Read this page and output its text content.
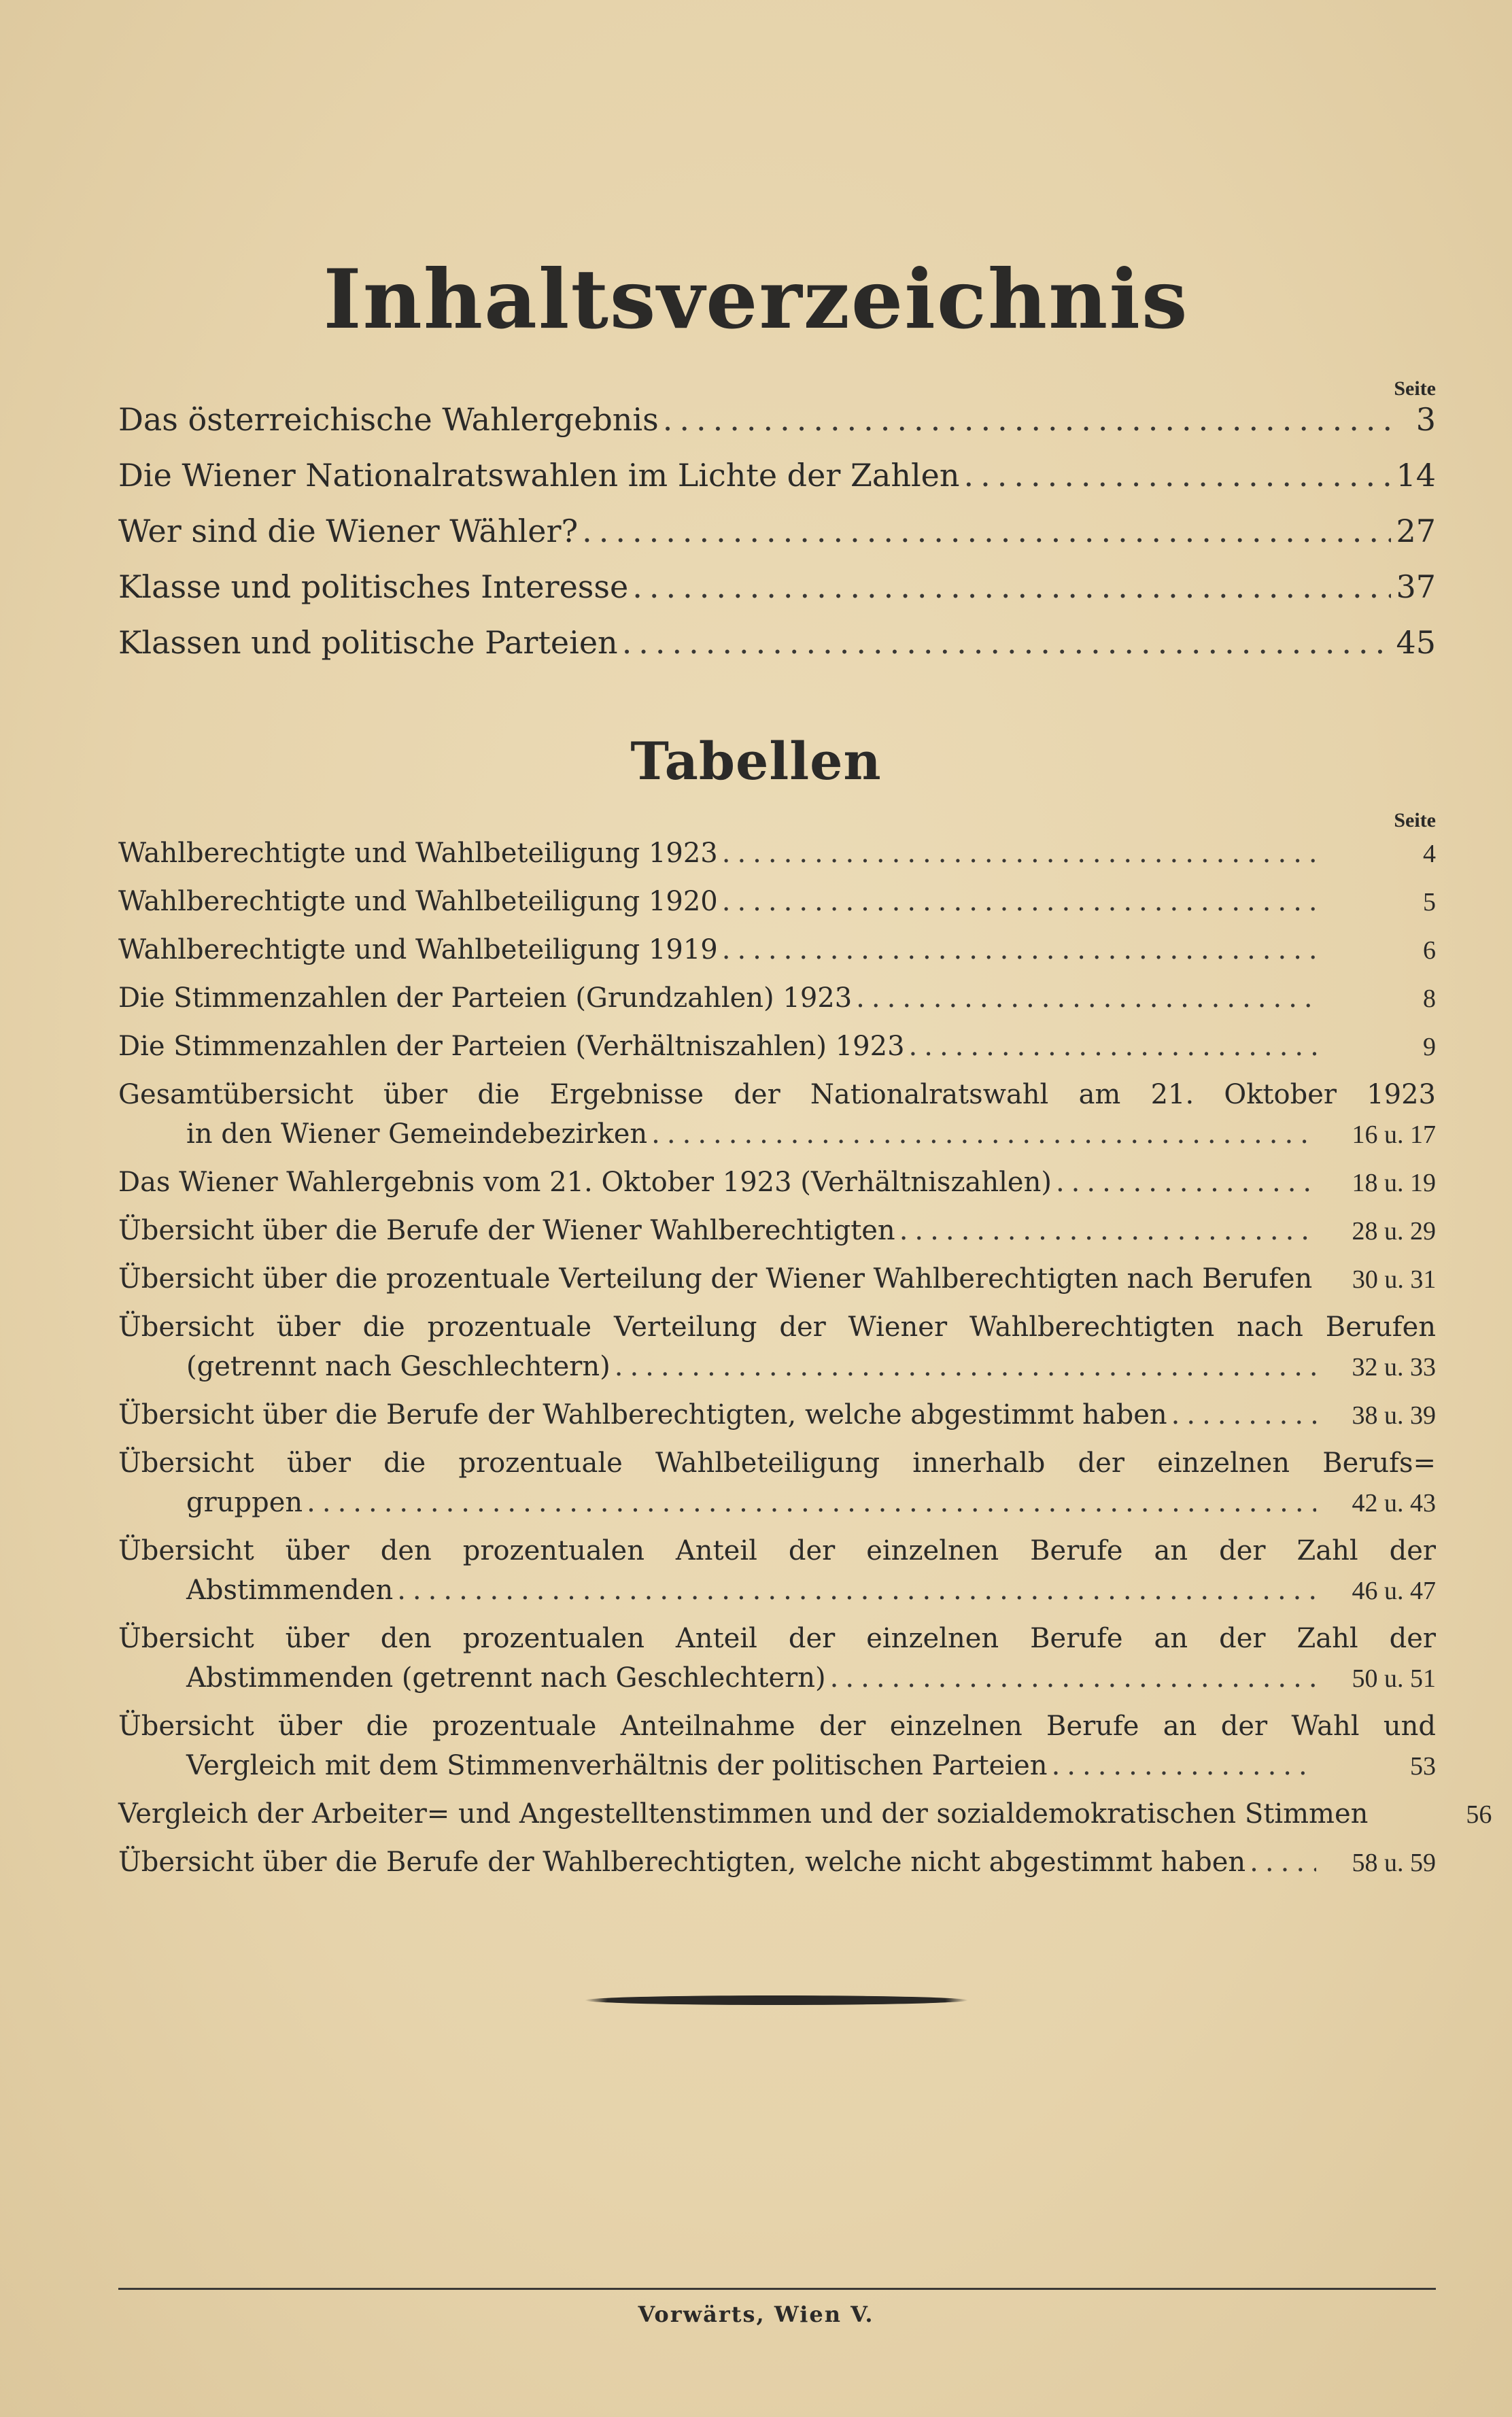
Inhaltsverzeichnis
Seite
Das österreichische Wahlergebnis .....	3
Die Wiener Nationalratswahlen im Lichte der Zahlen .....	14
Wer sind die Wiener Wähler? .....	27
Klasse und politisches Interesse .....	37
Klassen und politische Parteien .....	45
Tabellen
Seite
Wahlberechtigte und Wahlbeteiligung 1923 .....	4
Wahlberechtigte und Wahlbeteiligung 1920 .....	5
Wahlberechtigte und Wahlbeteiligung 1919 .....	6
Die Stimmenzahlen der Parteien (Grundzahlen) 1923 .....	8
Die Stimmenzahlen der Parteien (Verhältniszahlen) 1923 .....	9
Gesamtübersicht über die Ergebnisse der Nationalratswahl am 21. Oktober 1923
in den Wiener Gemeindebezirken .....	16 u. 17
Das Wiener Wahlergebnis vom 21. Oktober 1923 (Verhältniszahlen) .....	18 u. 19
Übersicht über die Berufe der Wiener Wahlberechtigten .....	28 u. 29
Übersicht über die prozentuale Verteilung der Wiener Wahlberechtigten nach Berufen	30 u. 31
Übersicht über die prozentuale Verteilung der Wiener Wahlberechtigten nach Berufen
(getrennt nach Geschlechtern) .....	32 u. 33
Übersicht über die Berufe der Wahlberechtigten, welche abgestimmt haben .....	38 u. 39
Übersicht über die prozentuale Wahlbeteiligung innerhalb der einzelnen Berufs=
gruppen .....	42 u. 43
Übersicht über den prozentualen Anteil der einzelnen Berufe an der Zahl der
Abstimmenden .....	46 u. 47
Übersicht über den prozentualen Anteil der einzelnen Berufe an der Zahl der
Abstimmenden (getrennt nach Geschlechtern) .....	50 u. 51
Übersicht über die prozentuale Anteilnahme der einzelnen Berufe an der Wahl und
Vergleich mit dem Stimmenverhältnis der politischen Parteien .....	53
Vergleich der Arbeiter= und Angestelltenstimmen und der sozialdemokratischen Stimmen	56
Übersicht über die Berufe der Wahlberechtigten, welche nicht abgestimmt haben .....	58 u. 59
Vorwärts, Wien V.
